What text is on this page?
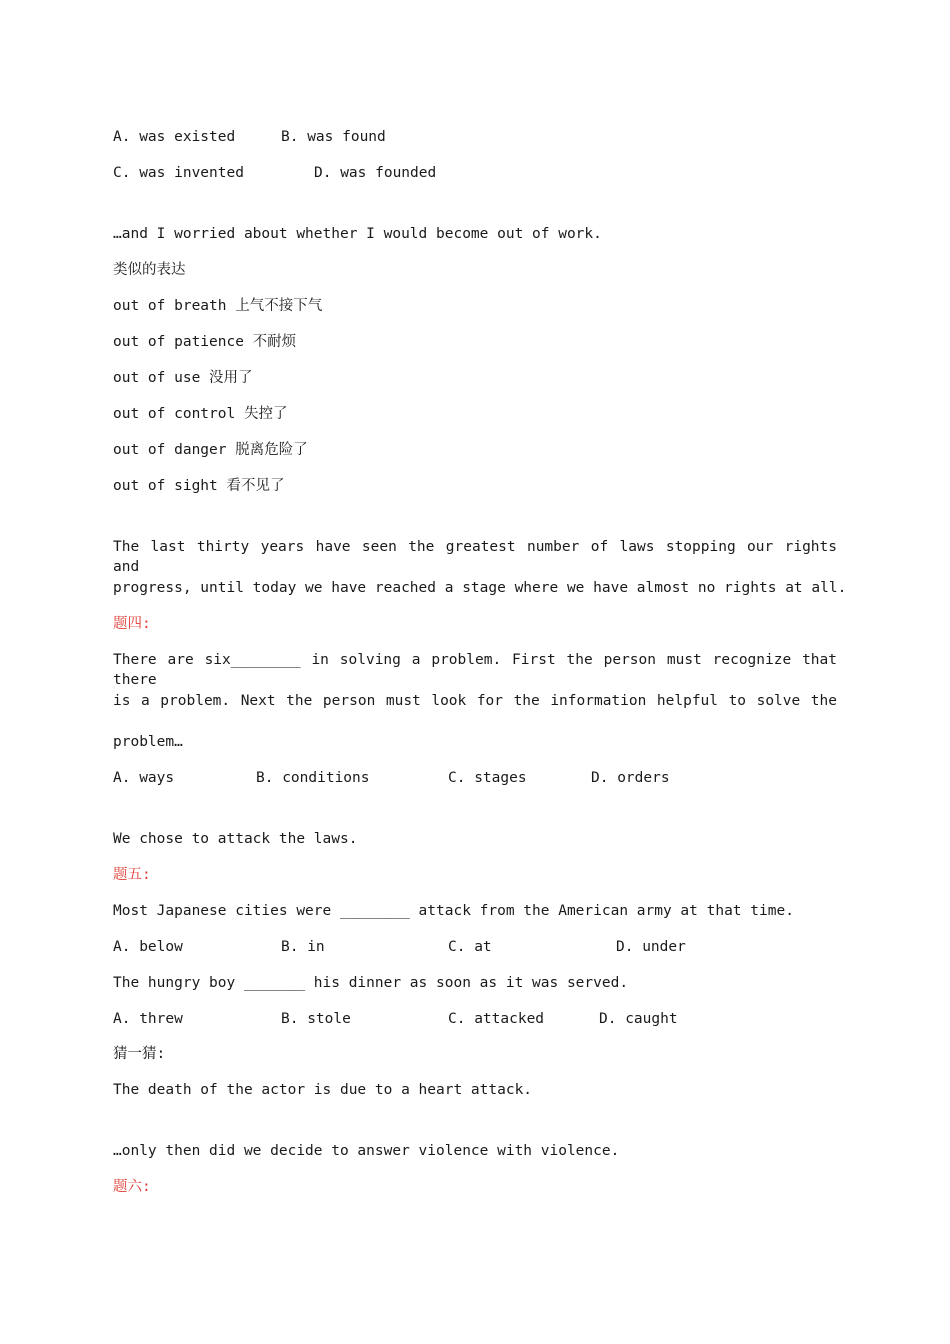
A. was existed	B. was found
C. was invented	D. was founded
…and I worried about whether I would become out of work.
类似的表达
out of breath 上气不接下气
out of patience 不耐烦
out of use 没用了
out of control 失控了
out of danger 脱离危险了
out of sight 看不见了
The last thirty years have seen the greatest number of laws stopping our rights and
progress, until today we have reached a stage where we have almost no rights at all.
题四:
There are six________ in solving a problem. First the person must recognize that there
is a problem. Next the person must look for the information helpful to solve the
problem…
A. ways	B. conditions	C. stages	D. orders
We chose to attack the laws.
题五:
Most Japanese cities were ________ attack from the American army at that time.
A. below	B. in	C. at	D. under
The hungry boy _______ his dinner as soon as it was served.
A. threw	B. stole	C. attacked	D. caught
猜一猜:
The death of the actor is due to a heart attack.
…only then did we decide to answer violence with violence.
题六:
